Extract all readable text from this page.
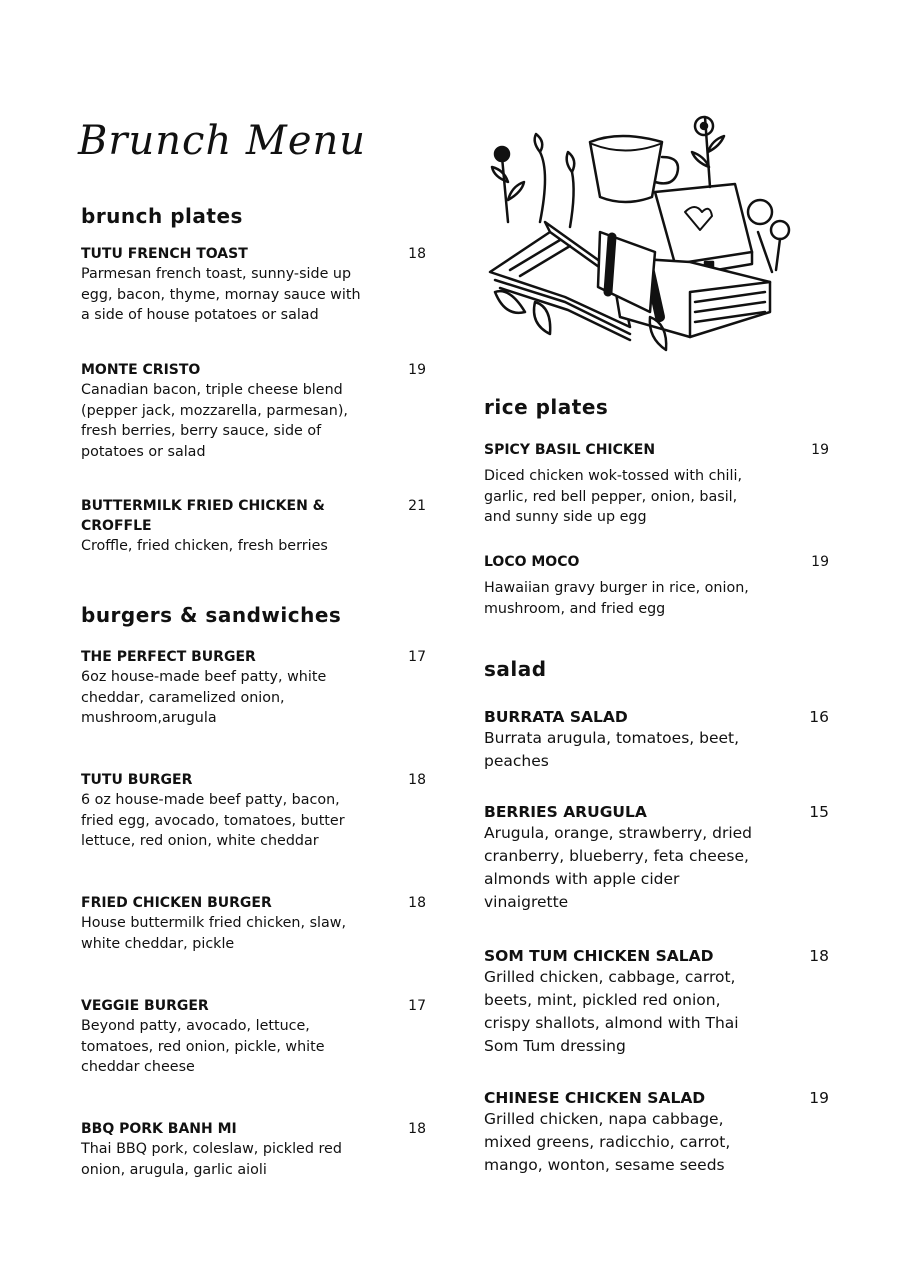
Brunch Menu
brunch plates
TUTU FRENCH TOAST	18
Parmesan french toast, sunny-side up egg, bacon, thyme, mornay sauce with a side of house potatoes or salad
MONTE CRISTO	19
Canadian bacon, triple cheese blend (pepper jack, mozzarella, parmesan), fresh berries, berry sauce, side of potatoes or salad
BUTTERMILK FRIED CHICKEN & CROFFLE
21
Croffle, fried chicken, fresh berries
burgers & sandwiches
THE PERFECT BURGER	17
6oz house-made beef patty, white cheddar, caramelized onion, mushroom,arugula
TUTU BURGER	18
6 oz house-made beef patty, bacon, fried egg, avocado, tomatoes, butter lettuce, red onion, white cheddar
FRIED CHICKEN BURGER	18
House buttermilk fried chicken, slaw, white cheddar, pickle
VEGGIE BURGER	17
Beyond patty, avocado, lettuce, tomatoes, red onion, pickle, white cheddar cheese
BBQ PORK BANH MI	18
Thai BBQ pork, coleslaw, pickled red onion, arugula, garlic aioli
rice plates
SPICY BASIL CHICKEN	19
Diced chicken wok-tossed with chili, garlic, red bell pepper, onion, basil, and sunny side up egg
LOCO MOCO	19
Hawaiian gravy burger in rice, onion, mushroom, and fried egg
salad
BURRATA SALAD	16
Burrata arugula, tomatoes, beet, peaches
BERRIES ARUGULA	15
Arugula, orange, strawberry, dried cranberry, blueberry, feta cheese, almonds with apple cider vinaigrette
SOM TUM CHICKEN SALAD	18
Grilled chicken, cabbage, carrot, beets, mint, pickled red onion, crispy shallots, almond with Thai Som Tum dressing
CHINESE CHICKEN SALAD	19
Grilled chicken, napa cabbage, mixed greens, radicchio, carrot, mango, wonton, sesame seeds
